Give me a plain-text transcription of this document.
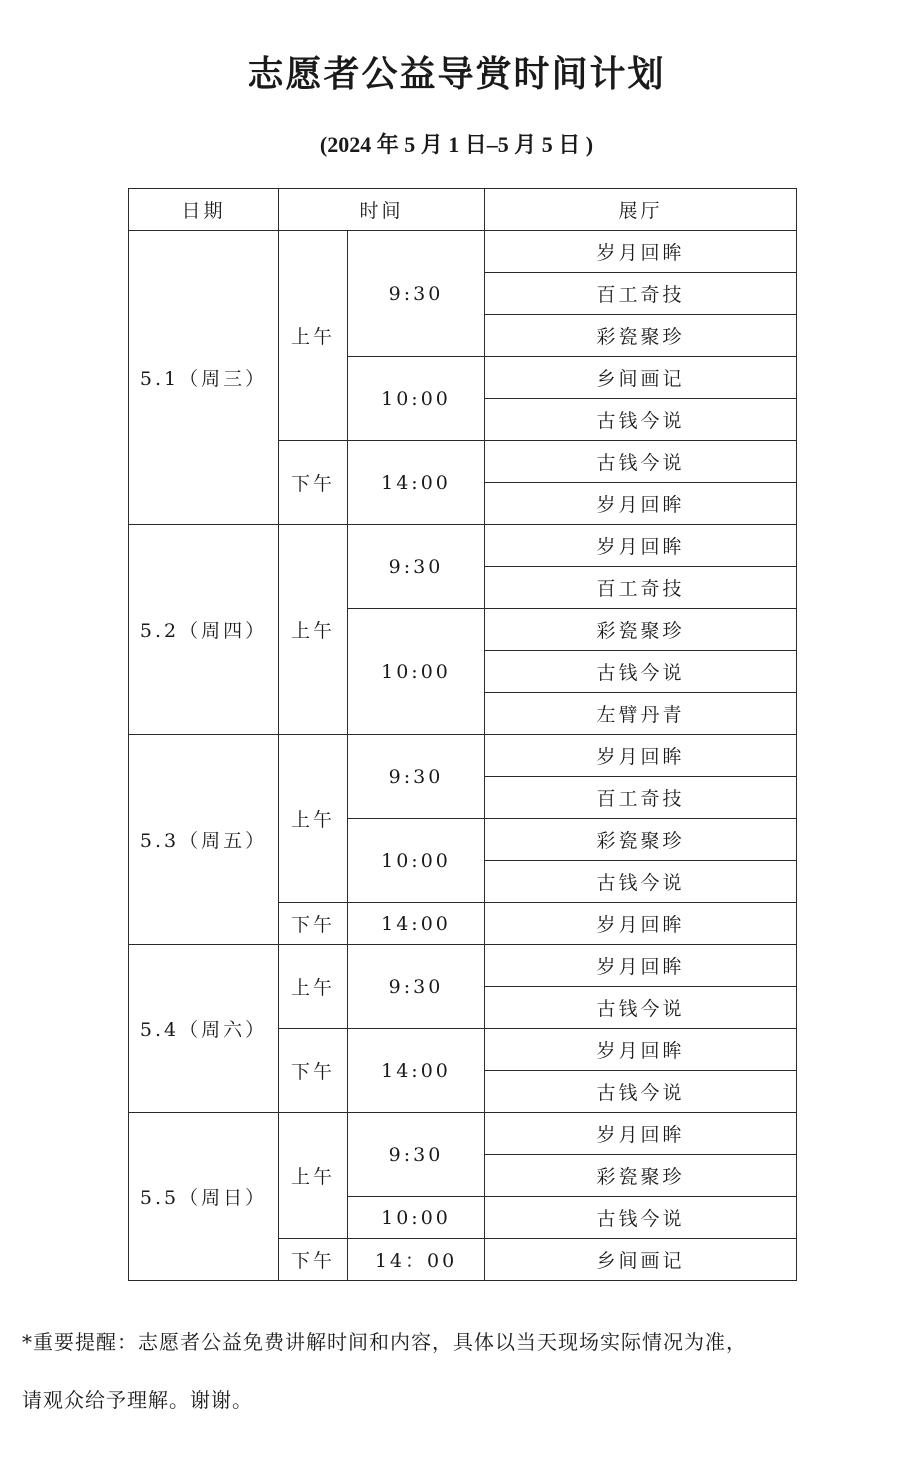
志愿者公益导赏时间计划
(2024 年 5 月 1 日–5 月 5 日 )
日期	时间		展厅
5.1（周三）	上午	9:30	岁月回眸
			百工奇技
			彩瓷聚珍
		10:00	乡间画记
			古钱今说
	下午	14:00	古钱今说
			岁月回眸
5.2（周四）	上午	9:30	岁月回眸
			百工奇技
		10:00	彩瓷聚珍
			古钱今说
			左臂丹青
5.3（周五）	上午	9:30	岁月回眸
			百工奇技
		10:00	彩瓷聚珍
			古钱今说
	下午	14:00	岁月回眸
5.4（周六）	上午	9:30	岁月回眸
			古钱今说
	下午	14:00	岁月回眸
			古钱今说
5.5（周日）	上午	9:30	岁月回眸
			彩瓷聚珍
		10:00	古钱今说
	下午	14：00	乡间画记

*重要提醒：志愿者公益免费讲解时间和内容，具体以当天现场实际情况为准，

请观众给予理解。谢谢。
